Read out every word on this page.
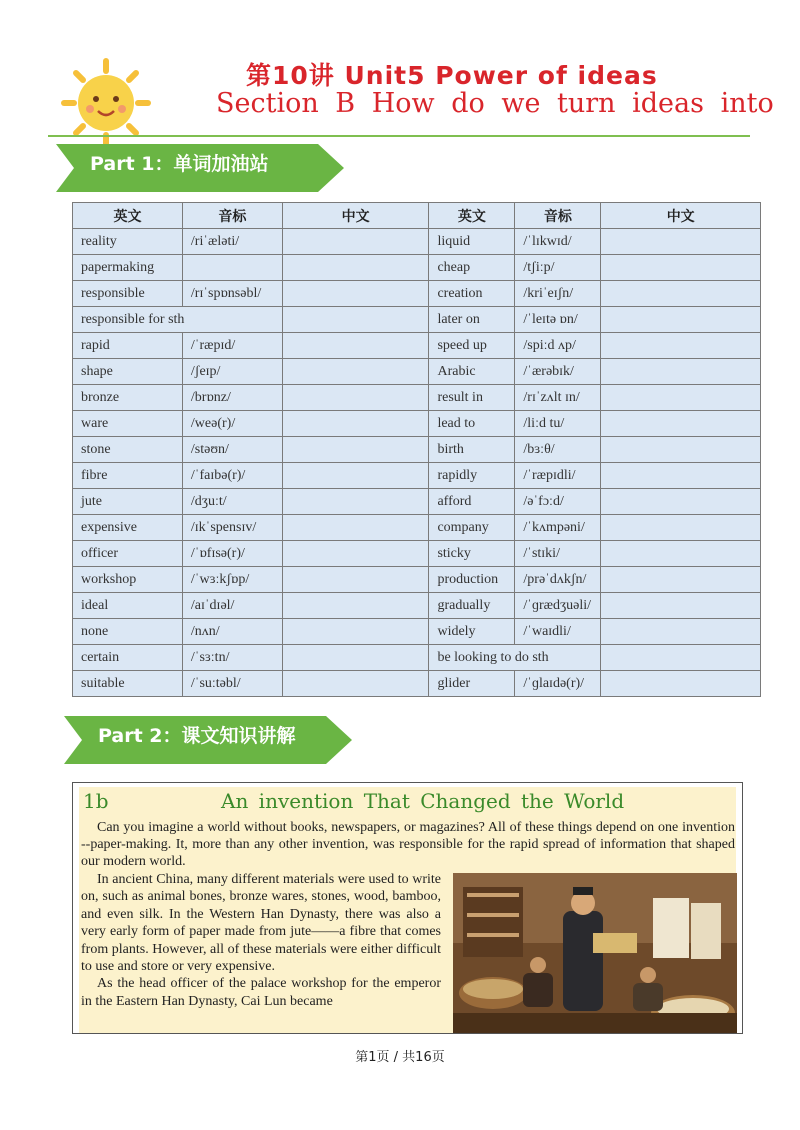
第10讲 Unit5 Power of ideas
Section B How do we turn ideas into
Part 1：单词加油站
英文	音标	中文	英文	音标	中文
reality	/riˈæləti/		liquid	/ˈlɪkwɪd/	
papermaking			cheap	/tʃiːp/	
responsible	/rɪˈspɒnsəbl/		creation	/kriˈeɪʃn/	
responsible for sth			later on	/ˈleɪtə ɒn/	
rapid	/ˈræpɪd/		speed up	/spiːd ʌp/	
shape	/ʃeɪp/		Arabic	/ˈærəbɪk/	
bronze	/brɒnz/		result in	/rɪˈzʌlt ɪn/	
ware	/weə(r)/		lead to	/liːd tu/	
stone	/stəʊn/		birth	/bɜːθ/	
fibre	/ˈfaɪbə(r)/		rapidly	/ˈræpɪdli/	
jute	/dʒuːt/		afford	/əˈfɔːd/	
expensive	/ɪkˈspensɪv/		company	/ˈkʌmpəni/	
officer	/ˈɒfɪsə(r)/		sticky	/ˈstɪki/	
workshop	/ˈwɜːkʃɒp/		production	/prəˈdʌkʃn/	
ideal	/aɪˈdɪəl/		gradually	/ˈɡrædʒuəli/	
none	/nʌn/		widely	/ˈwaɪdli/	
certain	/ˈsɜːtn/		be looking to do sth		
suitable	/ˈsuːtəbl/		glider	/ˈɡlaɪdə(r)/	
Part 2：课文知识讲解
1b	An invention That Changed the World

Can you imagine a world without books, newspapers, or magazines? All of these things depend on one invention --paper-making. It, more than any other invention, was responsible for the rapid spread of information that shaped our modern world.

In ancient China, many different materials were used to write on, such as animal bones, bronze wares, stones, wood, bamboo, and even silk. In the Western Han Dynasty, there was also a very early form of paper made from jute——a fibre that comes from plants. However, all of these materials were either difficult to use and store or very expensive.

As the head officer of the palace workshop for the emperor in the Eastern Han Dynasty, Cai Lun became

第1页 / 共16页
